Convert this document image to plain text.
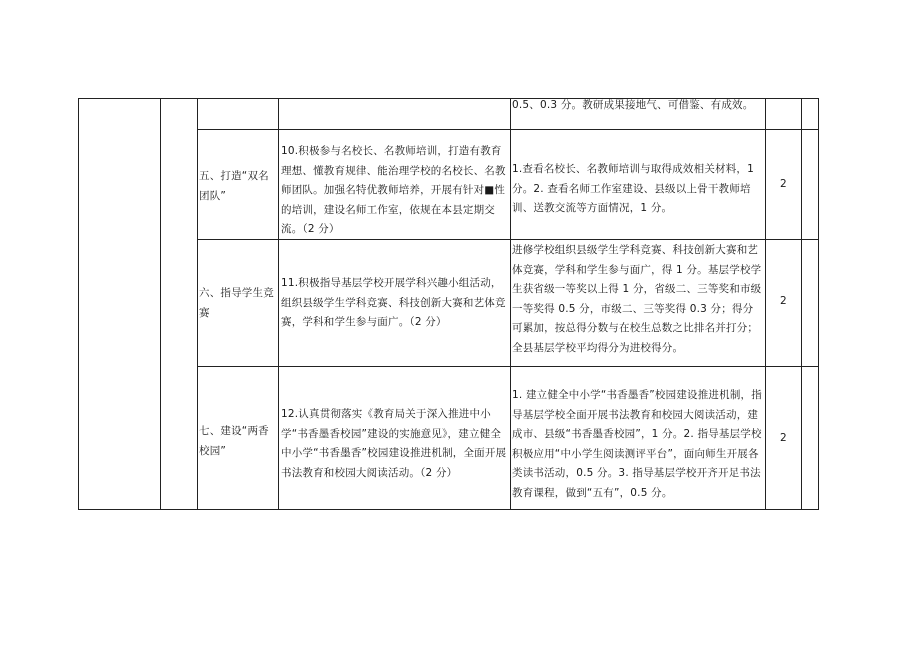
0.5、0.3 分。教研成果接地气、可借鉴、有成效。
五、打造“双名团队”
10.积极参与名校长、名教师培训，打造有教育理想、懂教育规律、能治理学校的名校长、名教师团队。加强名特优教师培养，开展有针对■性的培训，建设名师工作室，依规在本县定期交流。（2 分）
1.查看名校长、名教师培训与取得成效相关材料，1 分。2. 查看名师工作室建设、县级以上骨干教师培训、送教交流等方面情况，1 分。
2
六、指导学生竞赛
11.积极指导基层学校开展学科兴趣小组活动，组织县级学生学科竞赛、科技创新大赛和艺体竞赛，学科和学生参与面广。（2 分）
进修学校组织县级学生学科竞赛、科技创新大赛和艺体竞赛，学科和学生参与面广，得 1 分。基层学校学生获省级一等奖以上得 1 分，省级二、三等奖和市级一等奖得 0.5 分，市级二、三等奖得 0.3 分；得分可累加，按总得分数与在校生总数之比排名并打分；全县基层学校平均得分为进校得分。
2
七、建设“两香校园”
12.认真贯彻落实《教育局关于深入推进中小学“书香墨香校园”建设的实施意见》，建立健全中小学“书香墨香”校园建设推进机制，全面开展书法教育和校园大阅读活动。（2 分）
1. 建立健全中小学“书香墨香”校园建设推进机制，指导基层学校全面开展书法教育和校园大阅读活动，建成市、县级“书香墨香校园”，1 分。2. 指导基层学校积极应用“中小学生阅读测评平台”，面向师生开展各类读书活动，0.5 分。3. 指导基层学校开齐开足书法教育课程，做到“五有”，0.5 分。
2
